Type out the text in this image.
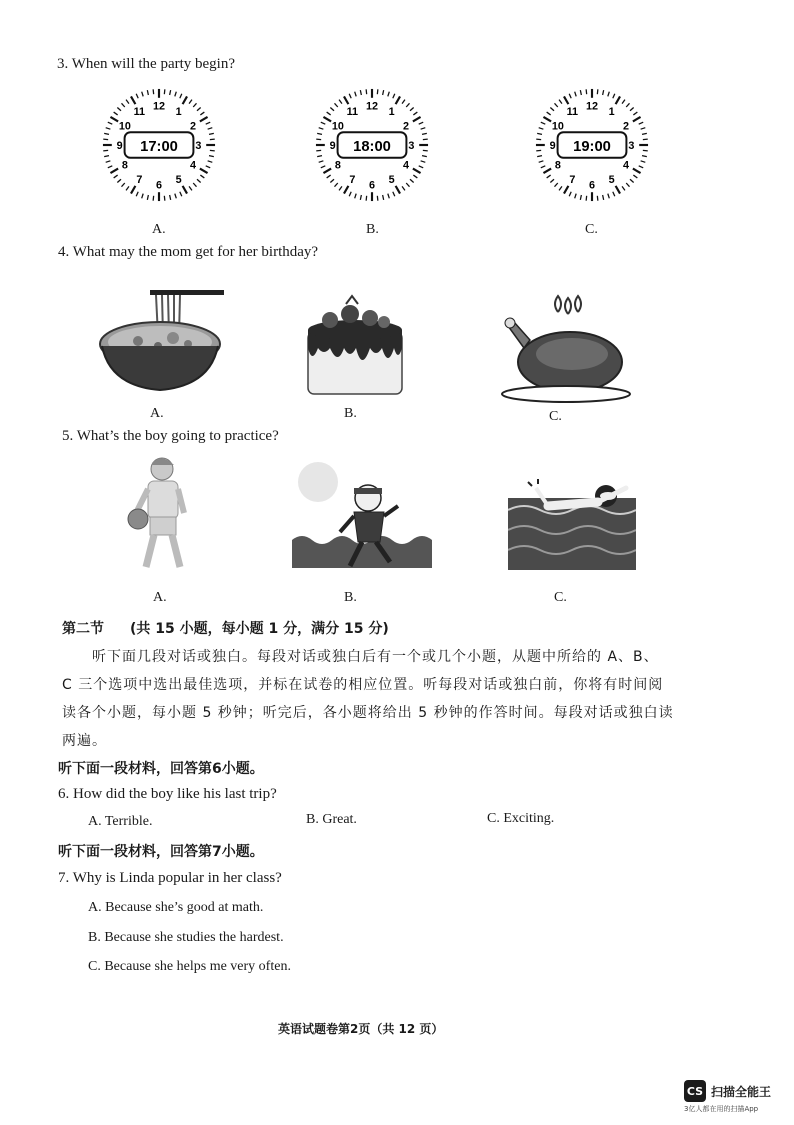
3. When will the party begin?
12 1
2
3
4
5
6
7
8
9
10
11
17:00
12 1
2
3
4
5
6
7
8
9
10
11
18:00
12 1
2
3
4
5
6
7
8
9
10
11
19:00
A.	B.	C.
4. What may the mom get for her birthday?
A.	B.	C.
5. What’s the boy going to practice?
A.	B.	C.
第二节 (共 15 小题，每小题 1 分，满分 15 分)
听下面几段对话或独白。每段对话或独白后有一个或几个小题，从题中所给的 A、B、
C 三个选项中选出最佳选项，并标在试卷的相应位置。听每段对话或独白前，你将有时间阅
读各个小题，每小题 5 秒钟；听完后，各小题将给出 5 秒钟的作答时间。每段对话或独白读
两遍。
听下面一段材料，回答第6小题。
6. How did the boy like his last trip?
A. Terrible.	B. Great.	C. Exciting.
听下面一段材料，回答第7小题。
7. Why is Linda popular in her class?
A. Because she’s good at math.
B. Because she studies the hardest.
C. Because she helps me very often.
英语试题卷第2页（共 12 页）
CS 扫描全能王
3亿人都在用的扫描App
